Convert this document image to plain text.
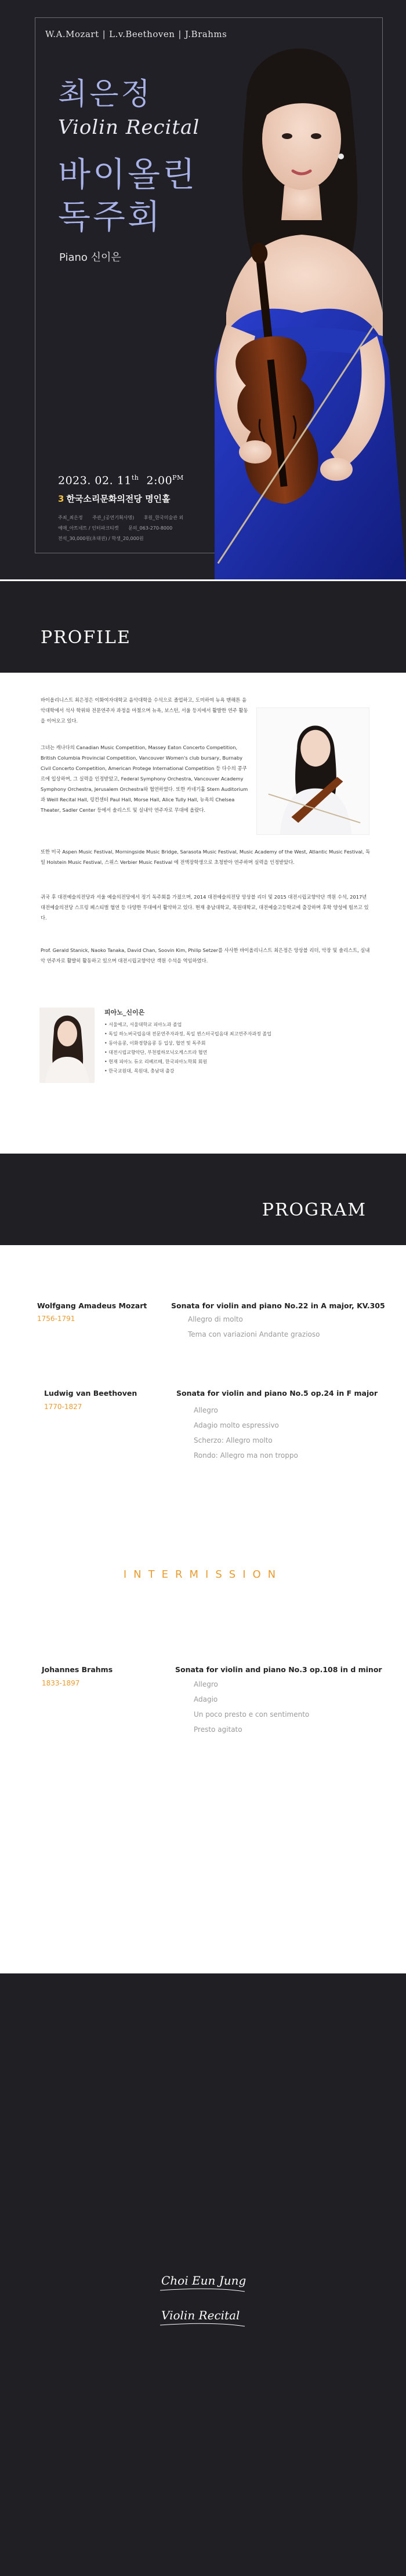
W.A.Mozart | L.v.Beethoven | J.Brahms
최은정
Violin Recital
바이올린
독주회
Piano 신이은
2023. 02. 11th $2:00^{PM}$
3 한국소리문화의전당 명인홀
주최_최은정 주관_(공연기획사명) 후원_한국미술관 외
예매_아트네트 / 인터파크티켓 문의_063-270-8000
전석_30,000원(초대권) / 학생_20,000원
PROFILE

바이올리니스트 최은정은 이화여자대학교 음악대학을 수석으로 졸업하고, 도미하여 뉴욕 맨해튼 음악대학에서 석사 학위와 전문연주자 과정을 마쳤으며 뉴욕, 보스턴, 서울 등지에서 활발한 연주 활동을 이어오고 있다.

그녀는 캐나다의 Canadian Music Competition, Massey Eaton Concerto Competition, British Columbia Provincial Competition, Vancouver Women's club bursary, Burnaby Civil Concerto Competition, American Protege International Competition 등 다수의 콩쿠르에 입상하며, 그 실력을 인정받았고, Federal Symphony Orchestra, Vancouver Academy Symphony Orchestra, Jerusalem Orchestra와 협연하였다. 또한 카네기홀 Stern Auditorium과 Weill Recital Hall, 링컨센터 Paul Hall, Morse Hall, Alice Tully Hall, 뉴욕의 Chelsea Theater, Sadler Center 등에서 솔리스트 및 실내악 연주자로 무대에 올랐다.

또한 미국 Aspen Music Festival, Morningside Music Bridge, Sarasota Music Festival, Music Academy of the West, Atlantic Music Festival, 독일 Holstein Music Festival, 스위스 Verbier Music Festival 에 전액장학생으로 초청받아 연주하며 실력을 인정받았다.

귀국 후 대전예술의전당과 서울 예술의전당에서 정기 독주회를 가졌으며, 2014 대전예술의전당 앙상블 리더 및 2015 대전시립교향악단 객원 수석, 2017년 대전예술의전당 스프링 페스티벌 협연 등 다양한 무대에서 활약하고 있다. 현재 충남대학교, 목원대학교, 대전예술고등학교에 출강하며 후학 양성에 힘쓰고 있다.

Prof. Gerald Stanick, Naoko Tanaka, David Chan, Soovin Kim, Philip Setzer를 사사한 바이올리니스트 최은정은 앙상블 리더, 악장 및 솔리스트, 실내악 연주자로 활발히 활동하고 있으며 대전시립교향악단 객원 수석을 역임하였다.

피아노_신이은
• 서울예고, 서울대학교 피아노과 졸업
• 독일 하노버국립음대 전문연주자과정, 독일 뮌스터국립음대 최고연주자과정 졸업
• 동아음콩, 이화경향음콩 등 입상, 협연 및 독주회
• 대전시립교향악단, 부천필하모닉오케스트라 협연
• 현재 피아노 듀오 리베르떼, 한국피아노학회 회원
• 한국교원대, 목원대, 충남대 출강
PROGRAM
Wolfgang Amadeus Mozart
1756-1791
Sonata for violin and piano No.22 in A major, KV.305
Allegro di molto
Tema con variazioni Andante grazioso
Ludwig van Beethoven
1770-1827
Sonata for violin and piano No.5 op.24 in F major
Allegro
Adagio molto espressivo
Scherzo: Allegro molto
Rondo: Allegro ma non troppo
INTERMISSION
Johannes Brahms
1833-1897
Sonata for violin and piano No.3 op.108 in d minor
Allegro
Adagio
Un poco presto e con sentimento
Presto agitato
Choi Eun Jung
Violin Recital
